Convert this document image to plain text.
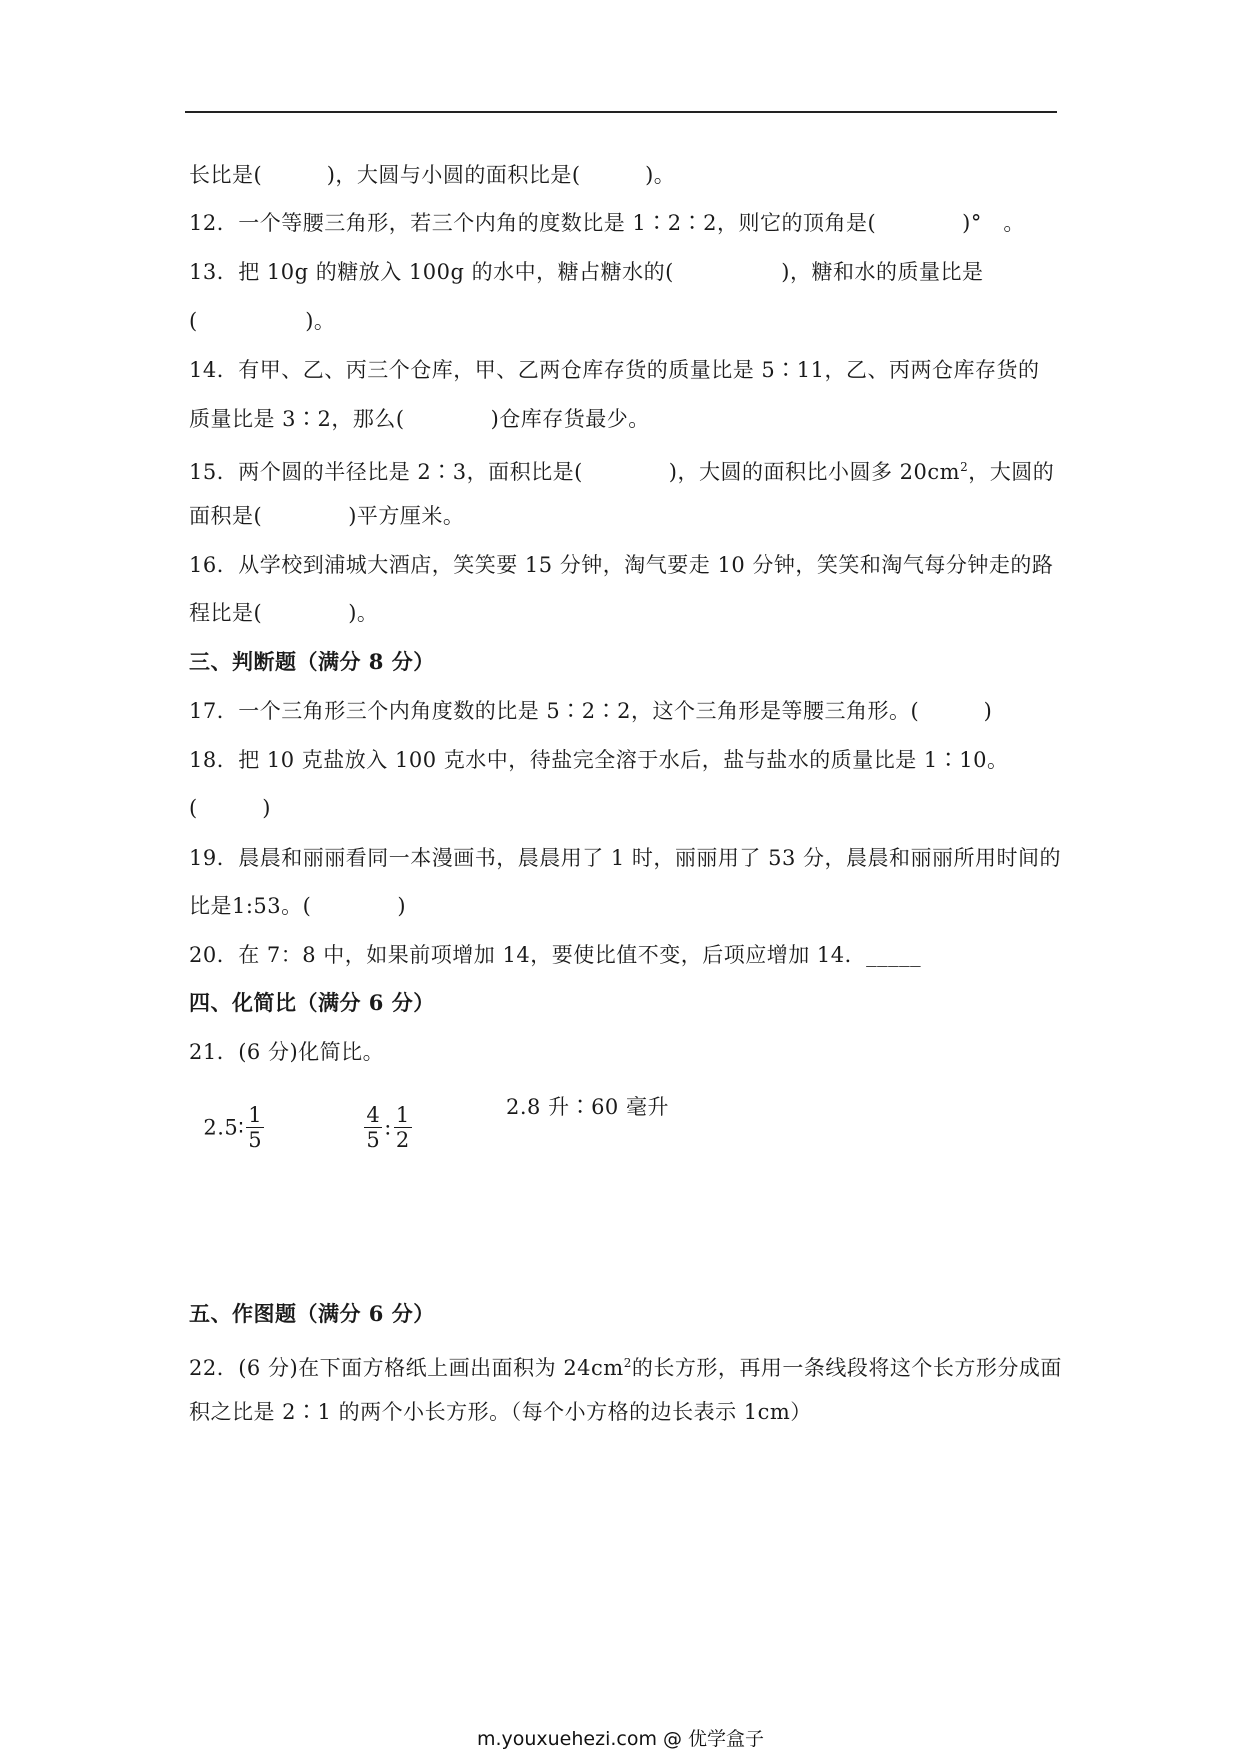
长比是(　　　)，大圆与小圆的面积比是(　　　)。
12．一个等腰三角形，若三个内角的度数比是 1∶2∶2，则它的顶角是(　　　　)°　。
13．把 10g 的糖放入 100g 的水中，糖占糖水的(　　　　　)，糖和水的质量比是
(　　　　　)。
14．有甲、乙、丙三个仓库，甲、乙两仓库存货的质量比是 5∶11，乙、丙两仓库存货的
质量比是 3∶2，那么(　　　　)仓库存货最少。
15．两个圆的半径比是 2∶3，面积比是(　　　　)，大圆的面积比小圆多 $20cm^2$，大圆的
面积是(　　　　)平方厘米。
16．从学校到浦城大酒店，笑笑要 15 分钟，淘气要走 10 分钟，笑笑和淘气每分钟走的路
程比是(　　　　)。
三、判断题（满分 8 分）
17．一个三角形三个内角度数的比是 5∶2∶2，这个三角形是等腰三角形。(　　　)
18．把 10 克盐放入 100 克水中，待盐完全溶于水后，盐与盐水的质量比是 1∶10。
(　　　)
19．晨晨和丽丽看同一本漫画书，晨晨用了 1 时，丽丽用了 53 分，晨晨和丽丽所用时间的
比是1:53。(　　　　)
20．在 7：8 中，如果前项增加 14，要使比值不变，后项应增加 14．_____
四、化简比（满分 6 分）
21．(6 分)化简比。

2.5∶ $\frac{1}{5}$

	$\frac{4}{5}$ : $\frac{1}{2}$	2.8 升∶60 毫升
五、作图题（满分 6 分）
22．(6 分)在下面方格纸上画出面积为 $24cm^2$的长方形，再用一条线段将这个长方形分成面
积之比是 2∶1 的两个小长方形。（每个小方格的边长表示 1cm）
m.youxuehezi.com @ 优学盒子
